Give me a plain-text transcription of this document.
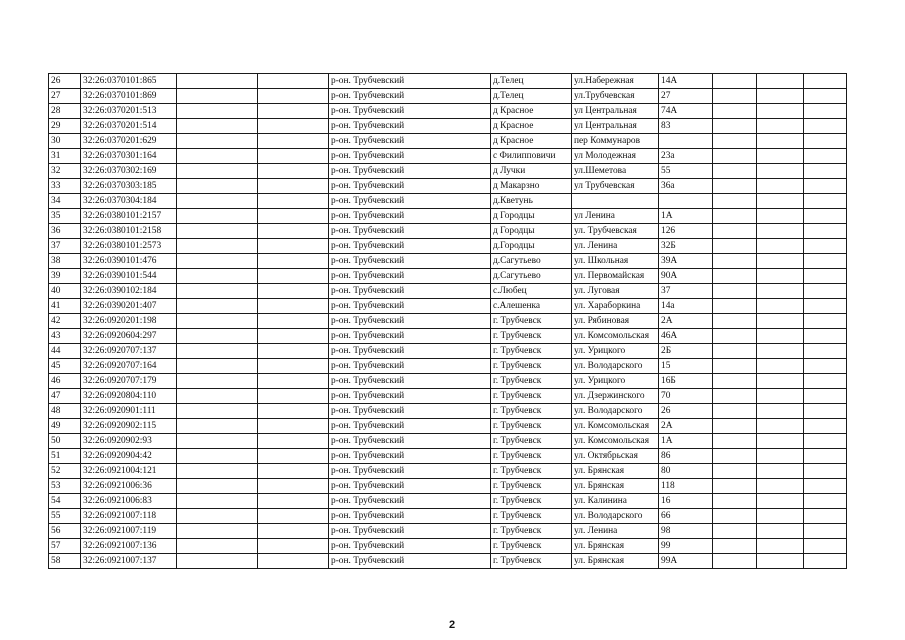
26	32:26:0370101:865			р-он. Трубчевский	д.Телец	ул.Набережная	14А			
27	32:26:0370101:869			р-он. Трубчевский	д.Телец	ул.Трубчевская	27			
28	32:26:0370201:513			р-он. Трубчевский	д Красное	ул Центральная	74А			
29	32:26:0370201:514			р-он. Трубчевский	д Красное	ул Центральная	83			
30	32:26:0370201:629			р-он. Трубчевский	д Красное	пер Коммунаров				
31	32:26:0370301:164			р-он. Трубчевский	с Филипповичи	ул Молодежная	23а			
32	32:26:0370302:169			р-он. Трубчевский	д Лучки	ул.Шеметова	55			
33	32:26:0370303:185			р-он. Трубчевский	д Макарзно	ул Трубчевская	36а			
34	32:26:0370304:184			р-он. Трубчевский	д.Кветунь					
35	32:26:0380101:2157			р-он. Трубчевский	д Городцы	ул Ленина	1А			
36	32:26:0380101:2158			р-он. Трубчевский	д Городцы	ул. Трубчевская	126			
37	32:26:0380101:2573			р-он. Трубчевский	д.Городцы	ул. Ленина	32Б			
38	32:26:0390101:476			р-он. Трубчевский	д.Сагутьево	ул. Школьная	39А			
39	32:26:0390101:544			р-он. Трубчевский	д.Сагутьево	ул. Первомайская	90А			
40	32:26:0390102:184			р-он. Трубчевский	с.Любец	ул. Луговая	37			
41	32:26:0390201:407			р-он. Трубчевский	с.Алешенка	ул. Хараборкина	14а			
42	32:26:0920201:198			р-он. Трубчевский	г. Трубчевск	ул. Рябиновая	2А			
43	32:26:0920604:297			р-он. Трубчевский	г. Трубчевск	ул. Комсомольская	46А			
44	32:26:0920707:137			р-он. Трубчевский	г. Трубчевск	ул. Урицкого	2Б			
45	32:26:0920707:164			р-он. Трубчевский	г. Трубчевск	ул. Володарского	15			
46	32:26:0920707:179			р-он. Трубчевский	г. Трубчевск	ул. Урицкого	16Б			
47	32:26:0920804:110			р-он. Трубчевский	г. Трубчевск	ул. Дзержинского	70			
48	32:26:0920901:111			р-он. Трубчевский	г. Трубчевск	ул. Володарского	26			
49	32:26:0920902:115			р-он. Трубчевский	г. Трубчевск	ул. Комсомольская	2А			
50	32:26:0920902:93			р-он. Трубчевский	г. Трубчевск	ул. Комсомольская	1А			
51	32:26:0920904:42			р-он. Трубчевский	г. Трубчевск	ул. Октябрьская	86			
52	32:26:0921004:121			р-он. Трубчевский	г. Трубчевск	ул. Брянская	80			
53	32:26:0921006:36			р-он. Трубчевский	г. Трубчевск	ул. Брянская	118			
54	32:26:0921006:83			р-он. Трубчевский	г. Трубчевск	ул. Калинина	16			
55	32:26:0921007:118			р-он. Трубчевский	г. Трубчевск	ул. Володарского	66			
56	32:26:0921007:119			р-он. Трубчевский	г. Трубчевск	ул. Ленина	98			
57	32:26:0921007:136			р-он. Трубчевский	г. Трубчевск	ул. Брянская	99			
58	32:26:0921007:137			р-он. Трубчевский	г. Трубчевск	ул. Брянская	99А			
2
